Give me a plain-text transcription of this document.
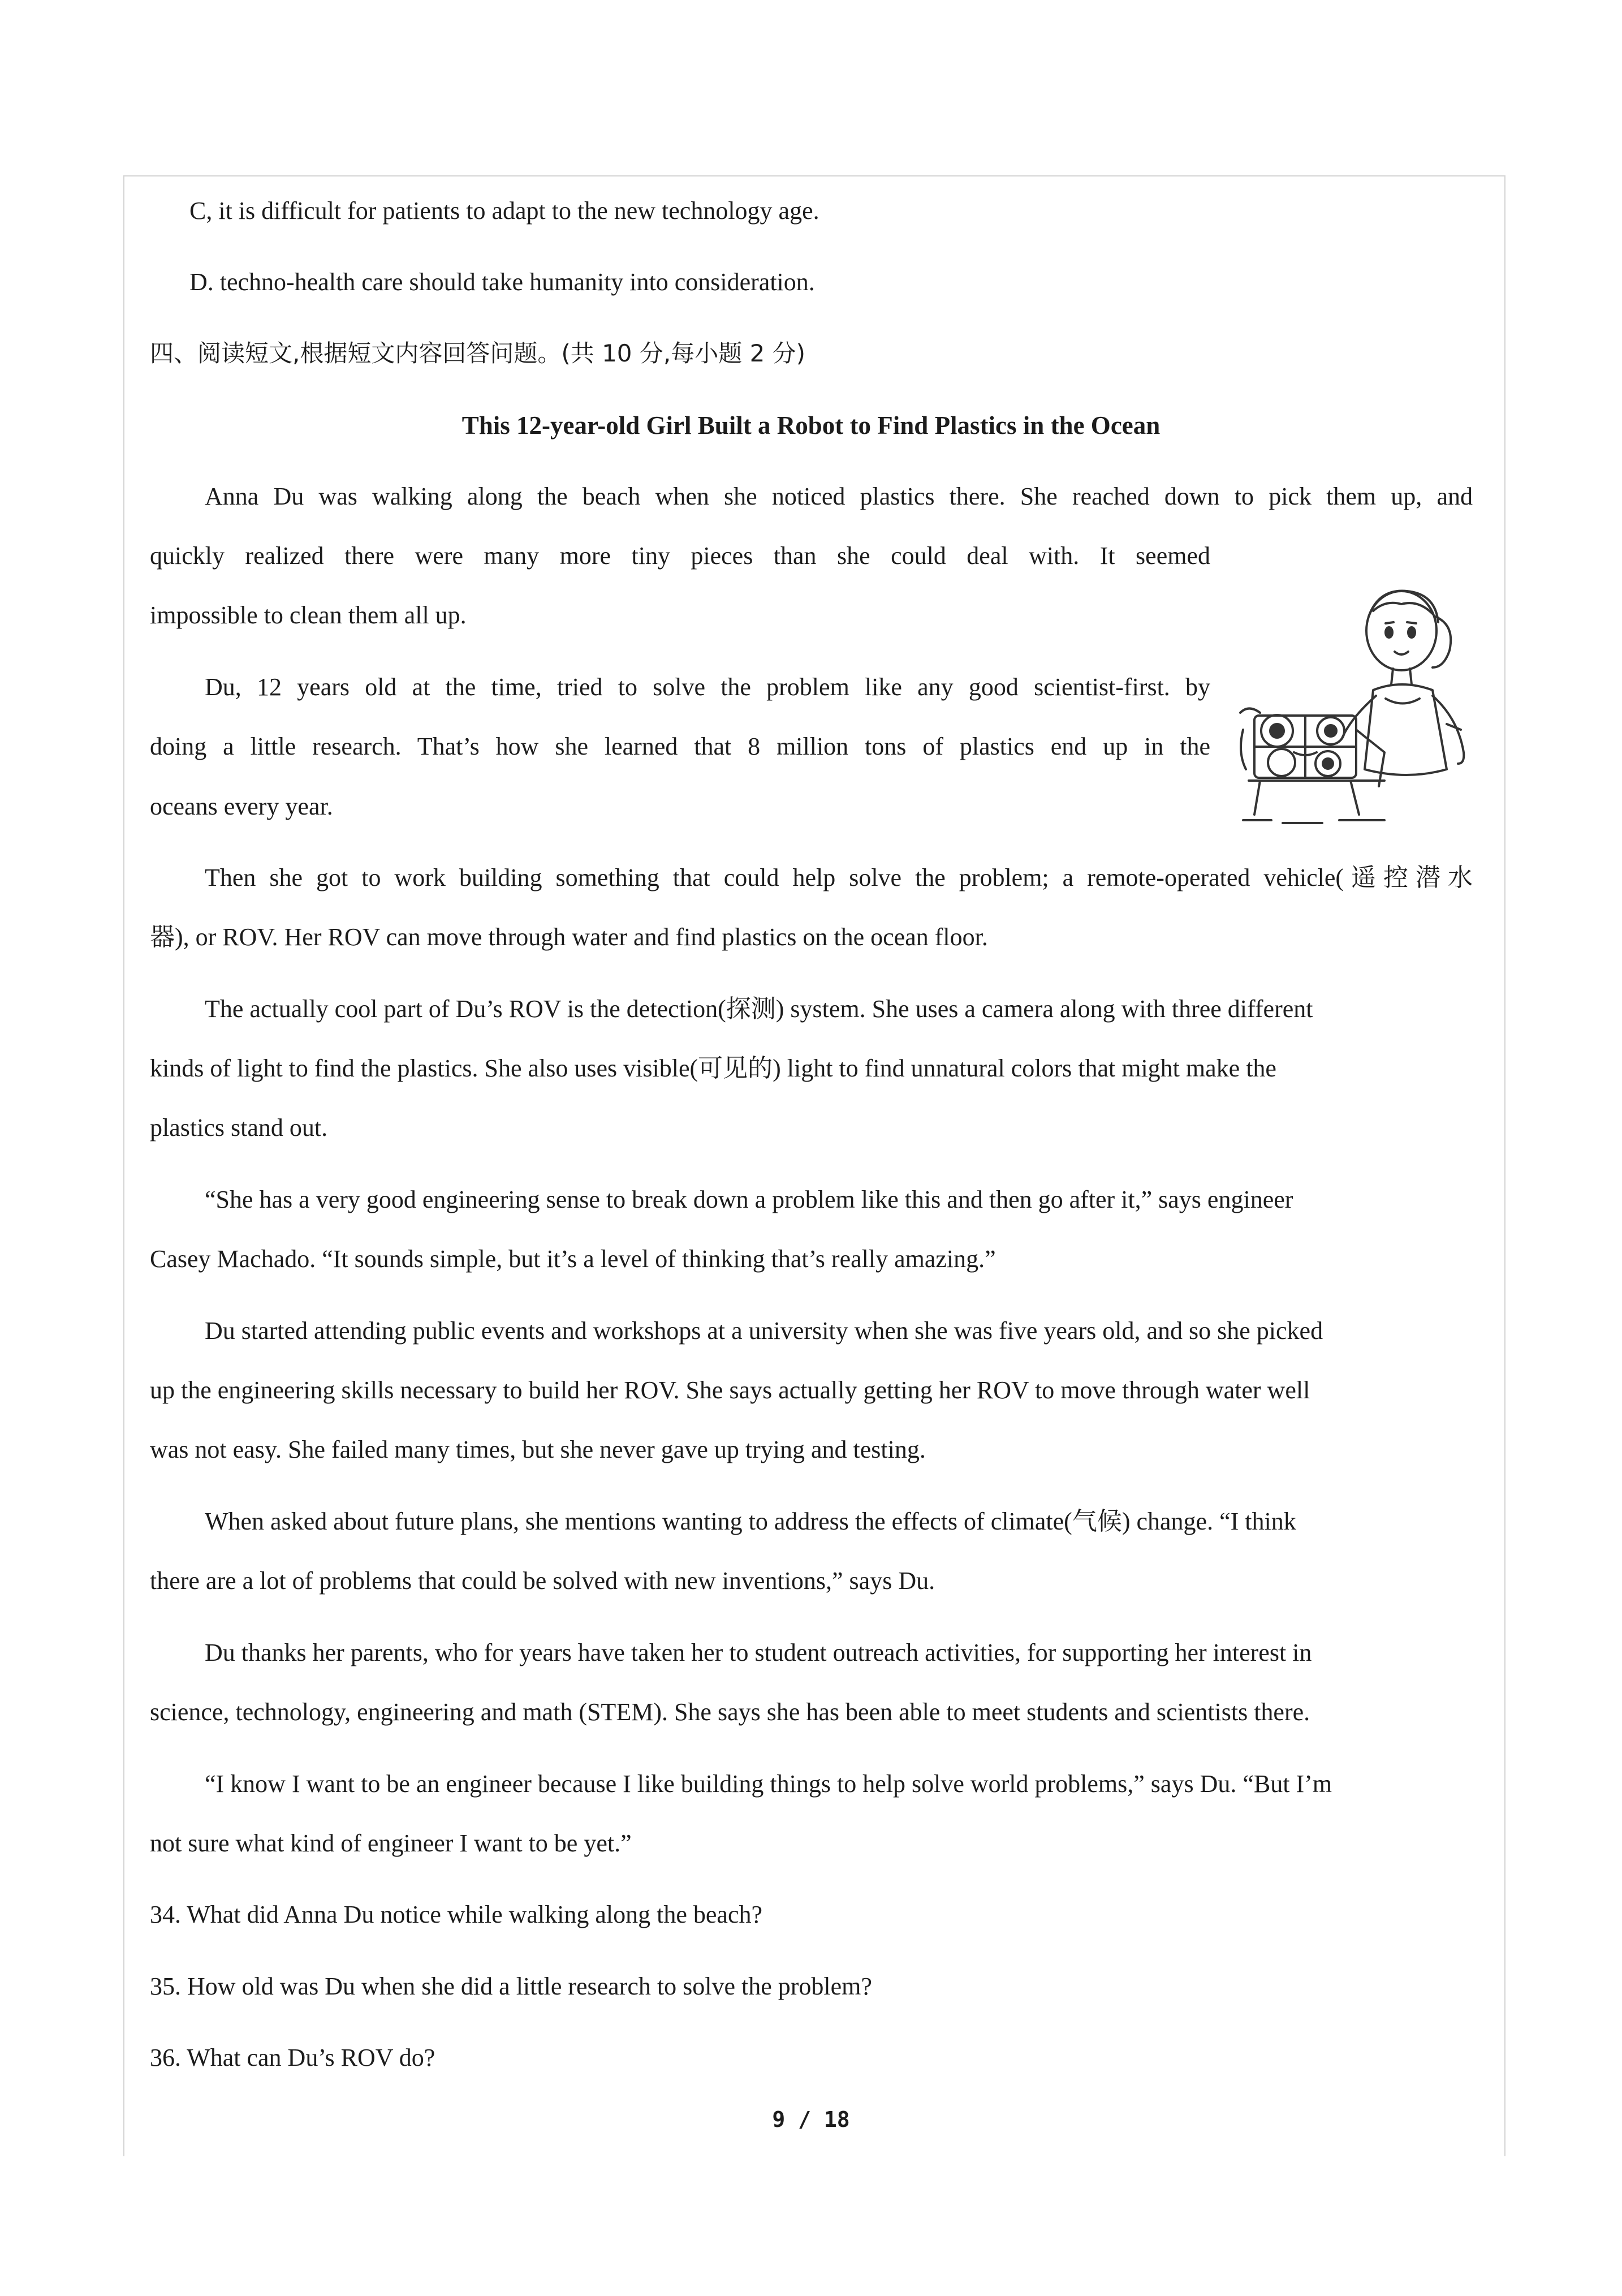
C, it is difficult for patients to adapt to the new technology age.
D. techno-health care should take humanity into consideration.
四、阅读短文,根据短文内容回答问题。(共 10 分,每小题 2 分)
This 12-year-old Girl Built a Robot to Find Plastics in the Ocean
Anna Du was walking along the beach when she noticed plastics there. She reached down to pick them up, and
quickly realized there were many more tiny pieces than she could deal with. It seemed
impossible to clean them all up.
Du, 12 years old at the time, tried to solve the problem like any good scientist-first. by
doing a little research. That’s how she learned that 8 million tons of plastics end up in the
oceans every year.
Then she got to work building something that could help solve the problem; a remote-operated vehicle(遥控潜水
器), or ROV. Her ROV can move through water and find plastics on the ocean floor.
The actually cool part of Du’s ROV is the detection(探测) system. She uses a camera along with three different
kinds of light to find the plastics. She also uses visible(可见的) light to find unnatural colors that might make the
plastics stand out.
“She has a very good engineering sense to break down a problem like this and then go after it,” says engineer
Casey Machado. “It sounds simple, but it’s a level of thinking that’s really amazing.”
Du started attending public events and workshops at a university when she was five years old, and so she picked
up the engineering skills necessary to build her ROV. She says actually getting her ROV to move through water well
was not easy. She failed many times, but she never gave up trying and testing.
When asked about future plans, she mentions wanting to address the effects of climate(气候) change. “I think
there are a lot of problems that could be solved with new inventions,” says Du.
Du thanks her parents, who for years have taken her to student outreach activities, for supporting her interest in
science, technology, engineering and math (STEM). She says she has been able to meet students and scientists there.
“I know I want to be an engineer because I like building things to help solve world problems,” says Du. “But I’m
not sure what kind of engineer I want to be yet.”
34. What did Anna Du notice while walking along the beach?
35. How old was Du when she did a little research to solve the problem?
36. What can Du’s ROV do?
9 / 18
